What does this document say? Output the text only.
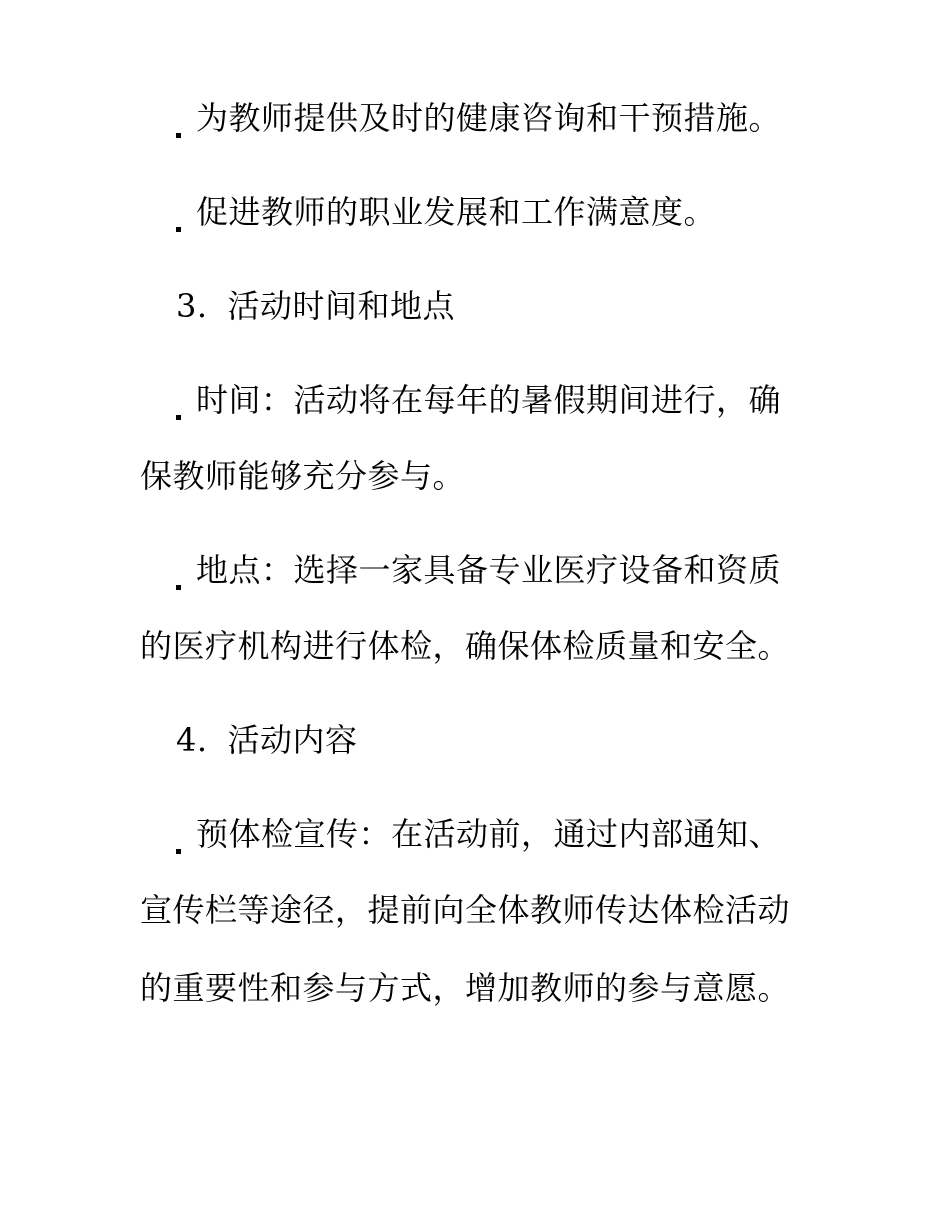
为教师提供及时的健康咨询和干预措施。
促进教师的职业发展和工作满意度。
3. 活动时间和地点
时间：活动将在每年的暑假期间进行，确
保教师能够充分参与。
地点：选择一家具备专业医疗设备和资质
的医疗机构进行体检，确保体检质量和安全。
4. 活动内容
预体检宣传：在活动前，通过内部通知、
宣传栏等途径，提前向全体教师传达体检活动
的重要性和参与方式，增加教师的参与意愿。
